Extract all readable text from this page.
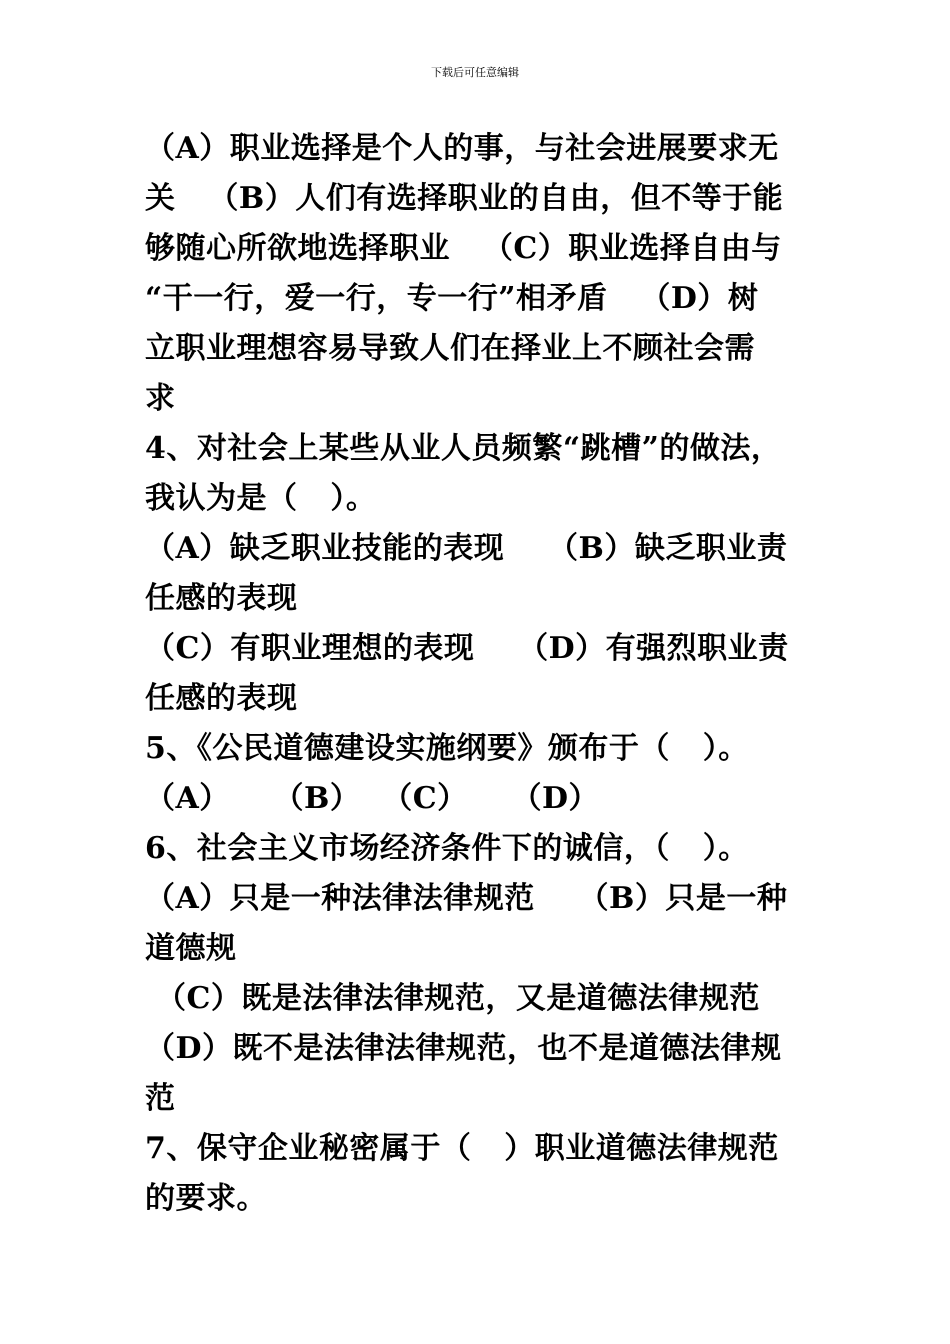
下载后可任意编辑
（A）职业选择是个人的事，与社会进展要求无
关   （B）人们有选择职业的自由，但不等于能
够随心所欲地选择职业   （C）职业选择自由与
“干一行，爱一行，专一行”相矛盾   （D）树
立职业理想容易导致人们在择业上不顾社会需
求
4、对社会上某些从业人员频繁“跳槽”的做法，
我认为是（   ）。
（A）缺乏职业技能的表现    （B）缺乏职业责
任感的表现
（C）有职业理想的表现    （D）有强烈职业责
任感的表现
5、《公民道德建设实施纲要》颁布于（   ）。
（A）    （B）  （C）    （D）
6、社会主义市场经济条件下的诚信，（   ）。
（A）只是一种法律法律规范    （B）只是一种
道德规
（C）既是法律法律规范，又是道德法律规范
（D）既不是法律法律规范，也不是道德法律规
范
7、保守企业秘密属于（   ）职业道德法律规范
的要求。
